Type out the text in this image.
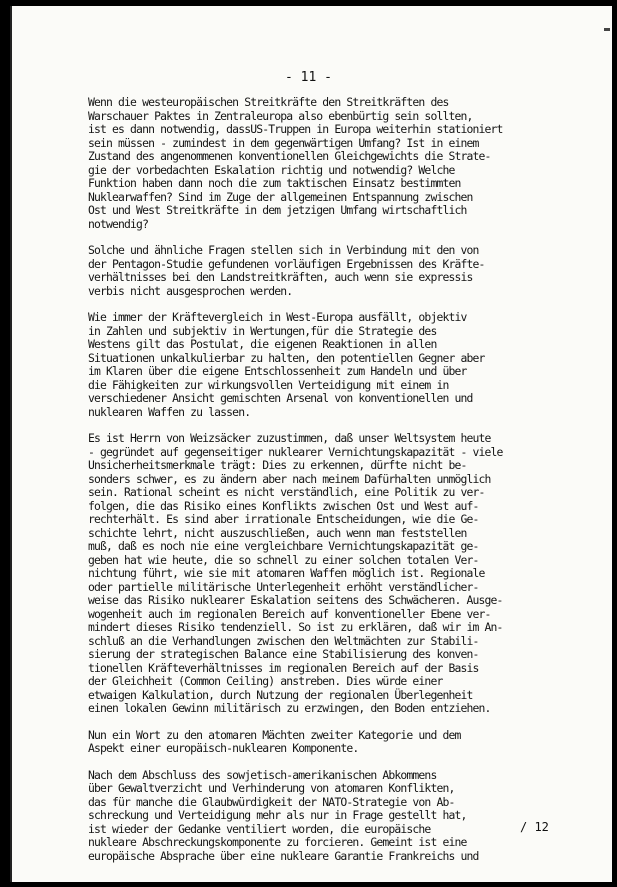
- 11 -

Wenn die westeuropäischen Streitkräfte den Streitkräften des
Warschauer Paktes in Zentraleuropa also ebenbürtig sein sollten,
ist es dann notwendig, dassUS-Truppen in Europa weiterhin stationiert
sein müssen - zumindest in dem gegenwärtigen Umfang? Ist in einem
Zustand des angenommenen konventionellen Gleichgewichts die Strate-
gie der vorbedachten Eskalation richtig und notwendig? Welche
Funktion haben dann noch die zum taktischen Einsatz bestimmten
Nuklearwaffen? Sind im Zuge der allgemeinen Entspannung zwischen
Ost und West Streitkräfte in dem jetzigen Umfang wirtschaftlich
notwendig?

Solche und ähnliche Fragen stellen sich in Verbindung mit den von
der Pentagon-Studie gefundenen vorläufigen Ergebnissen des Kräfte-
verhältnisses bei den Landstreitkräften, auch wenn sie expressis
verbis nicht ausgesprochen werden.

Wie immer der Kräftevergleich in West-Europa ausfällt, objektiv
in Zahlen und subjektiv in Wertungen,für die Strategie des
Westens gilt das Postulat, die eigenen Reaktionen in allen
Situationen unkalkulierbar zu halten, den potentiellen Gegner aber
im Klaren über die eigene Entschlossenheit zum Handeln und über
die Fähigkeiten zur wirkungsvollen Verteidigung mit einem in
verschiedener Ansicht gemischten Arsenal von konventionellen und
nuklearen Waffen zu lassen.

Es ist Herrn von Weizsäcker zuzustimmen, daß unser Weltsystem heute
- gegründet auf gegenseitiger nuklearer Vernichtungskapazität - viele
Unsicherheitsmerkmale trägt: Dies zu erkennen, dürfte nicht be-
sonders schwer, es zu ändern aber nach meinem Dafürhalten unmöglich
sein. Rational scheint es nicht verständlich, eine Politik zu ver-
folgen, die das Risiko eines Konflikts zwischen Ost und West auf-
rechterhält. Es sind aber irrationale Entscheidungen, wie die Ge-
schichte lehrt, nicht auszuschließen, auch wenn man feststellen
muß, daß es noch nie eine vergleichbare Vernichtungskapazität ge-
geben hat wie heute, die so schnell zu einer solchen totalen Ver-
nichtung führt, wie sie mit atomaren Waffen möglich ist. Regionale
oder partielle militärische Unterlegenheit erhöht verständlicher-
weise das Risiko nuklearer Eskalation seitens des Schwächeren. Ausge-
wogenheit auch im regionalen Bereich auf konventioneller Ebene ver-
mindert dieses Risiko tendenziell. So ist zu erklären, daß wir im An-
schluß an die Verhandlungen zwischen den Weltmächten zur Stabili-
sierung der strategischen Balance eine Stabilisierung des konven-
tionellen Kräfteverhältnisses im regionalen Bereich auf der Basis
der Gleichheit (Common Ceiling) anstreben. Dies würde einer
etwaigen Kalkulation, durch Nutzung der regionalen Überlegenheit
einen lokalen Gewinn militärisch zu erzwingen, den Boden entziehen.

Nun ein Wort zu den atomaren Mächten zweiter Kategorie und dem
Aspekt einer europäisch-nuklearen Komponente.

Nach dem Abschluss des sowjetisch-amerikanischen Abkommens
über Gewaltverzicht und Verhinderung von atomaren Konflikten,
das für manche die Glaubwürdigkeit der NATO-Strategie von Ab-
schreckung und Verteidigung mehr als nur in Frage gestellt hat,
ist wieder der Gedanke ventiliert worden, die europäische
nukleare Abschreckungskomponente zu forcieren. Gemeint ist eine
europäische Absprache über eine nukleare Garantie Frankreichs und

/ 12
